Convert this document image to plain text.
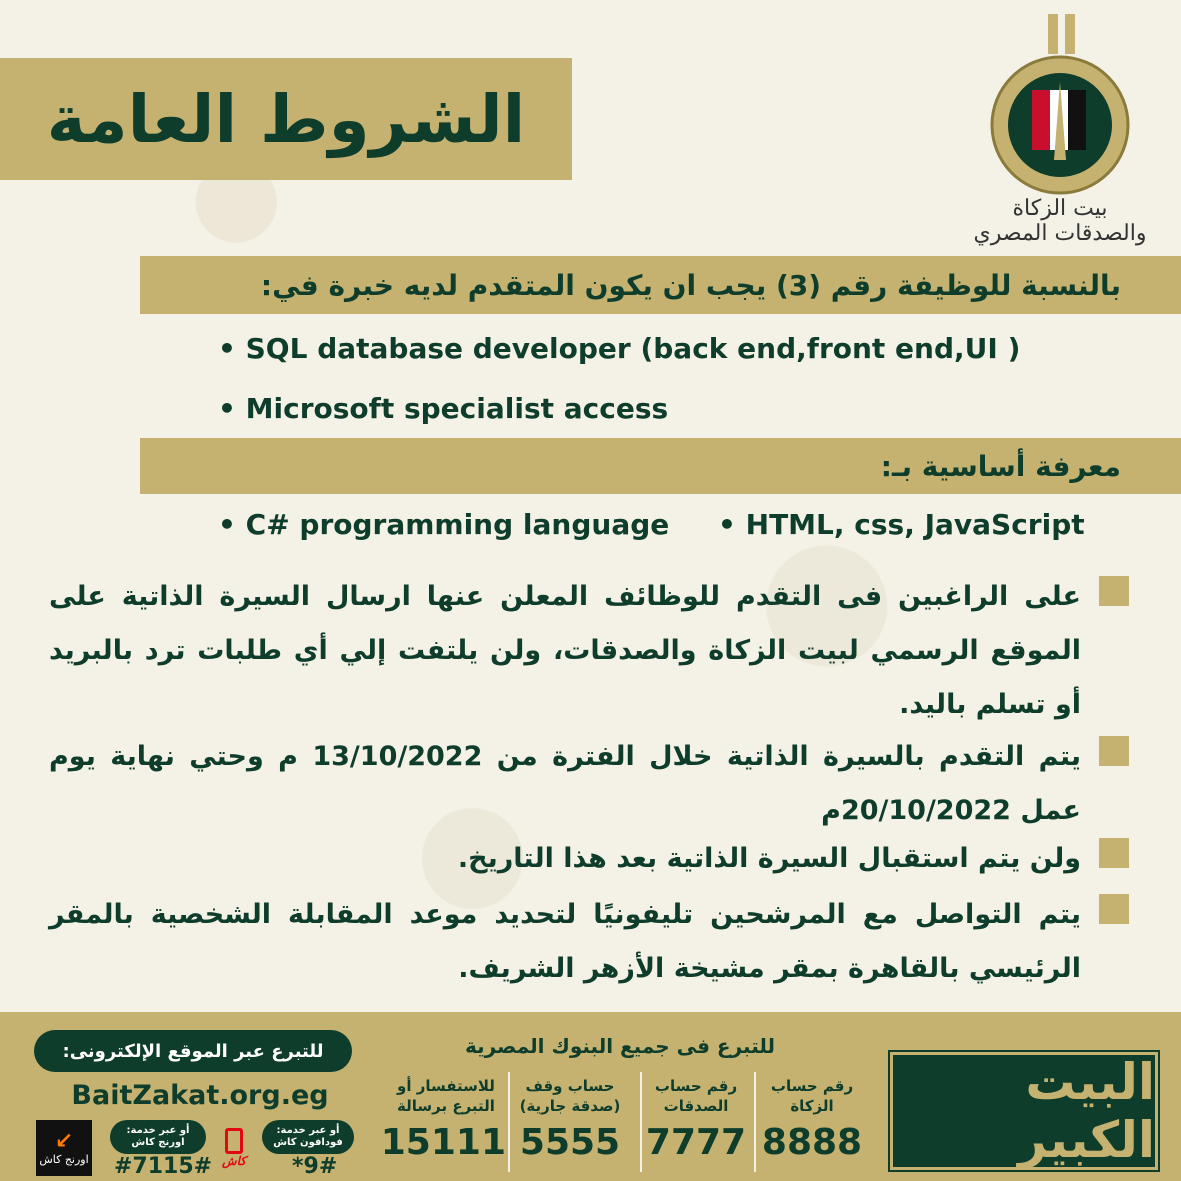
الشروط العامة
بيت الزكاة والصدقات المصري
بالنسبة للوظيفة رقم (3) يجب ان يكون المتقدم لديه خبرة في:
• SQL database developer (back end,front end,UI )
• Microsoft specialist access
معرفة أساسية بـ:
• HTML, css, JavaScript
• C# programming language
على الراغبين فى التقدم للوظائف المعلن عنها ارسال السيرة الذاتية على الموقع الرسمي لبيت الزكاة والصدقات، ولن يلتفت إلي أي طلبات ترد بالبريد أو تسلم باليد.
يتم التقدم بالسيرة الذاتية خلال الفترة من 13/10/2022 م وحتي نهاية يوم عمل 20/10/2022م
ولن يتم استقبال السيرة الذاتية بعد هذا التاريخ.
يتم التواصل مع المرشحين تليفونيًا لتحديد موعد المقابلة الشخصية بالمقر الرئيسي بالقاهرة بمقر مشيخة الأزهر الشريف.
البيت الكبير
للتبرع فى جميع البنوك المصرية
رقم حساب
الزكاة
8888
رقم حساب
الصدقات
7777
حساب وقف
(صدقة جارية)
5555
للاستفسار أو
التبرع برسالة
15111
للتبرع عبر الموقع الإلكترونى:
BaitZakat.org.eg
أو عبر خدمة: فودافون كاش
*9#
كاش
أو عبر خدمة: اورنج كاش
#7115#
↙
اورنج كاش
